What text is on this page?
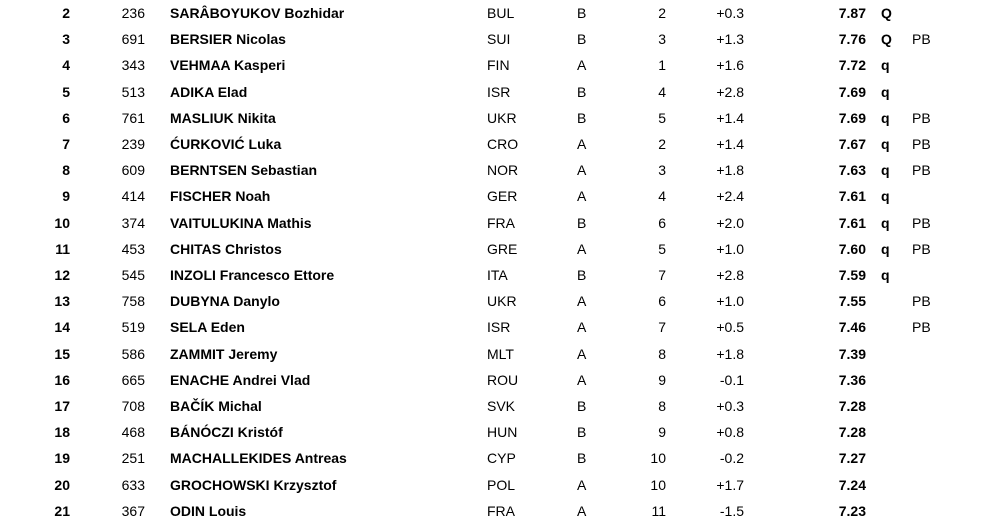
2	236 SARÂBOYUKOV Bozhidar	BUL	B	2	+0.3	7.87 Q
3	691 BERSIER Nicolas	SUI	B	3	+1.3	7.76 Q PB
4	343 VEHMAA Kasperi	FIN	A	1	+1.6	7.72 q
5	513 ADIKA Elad	ISR	B	4	+2.8	7.69 q
6	761 MASLIUK Nikita	UKR	B	5	+1.4	7.69 q PB
7	239 ĆURKOVIĆ Luka	CRO	A	2	+1.4	7.67 q PB
8	609 BERNTSEN Sebastian	NOR	A	3	+1.8	7.63 q PB
9	414 FISCHER Noah	GER	A	4	+2.4	7.61 q
10	374 VAITULUKINA Mathis	FRA	B	6	+2.0	7.61 q PB
11	453 CHITAS Christos	GRE	A	5	+1.0	7.60 q PB
12	545 INZOLI Francesco Ettore	ITA	B	7	+2.8	7.59 q
13	758 DUBYNA Danylo	UKR	A	6	+1.0	7.55	PB
14	519 SELA Eden	ISR	A	7	+0.5	7.46	PB
15	586 ZAMMIT Jeremy	MLT	A	8	+1.8	7.39
16	665 ENACHE Andrei Vlad	ROU	A	9	-0.1	7.36
17	708 BAČÍK Michal	SVK	B	8	+0.3	7.28
18	468 BÁNÓCZI Kristóf	HUN	B	9	+0.8	7.28
19	251 MACHALLEKIDES Antreas	CYP	B	10	-0.2	7.27
20	633 GROCHOWSKI Krzysztof	POL	A	10	+1.7	7.24
21	367 ODIN Louis	FRA	A	11	-1.5	7.23
